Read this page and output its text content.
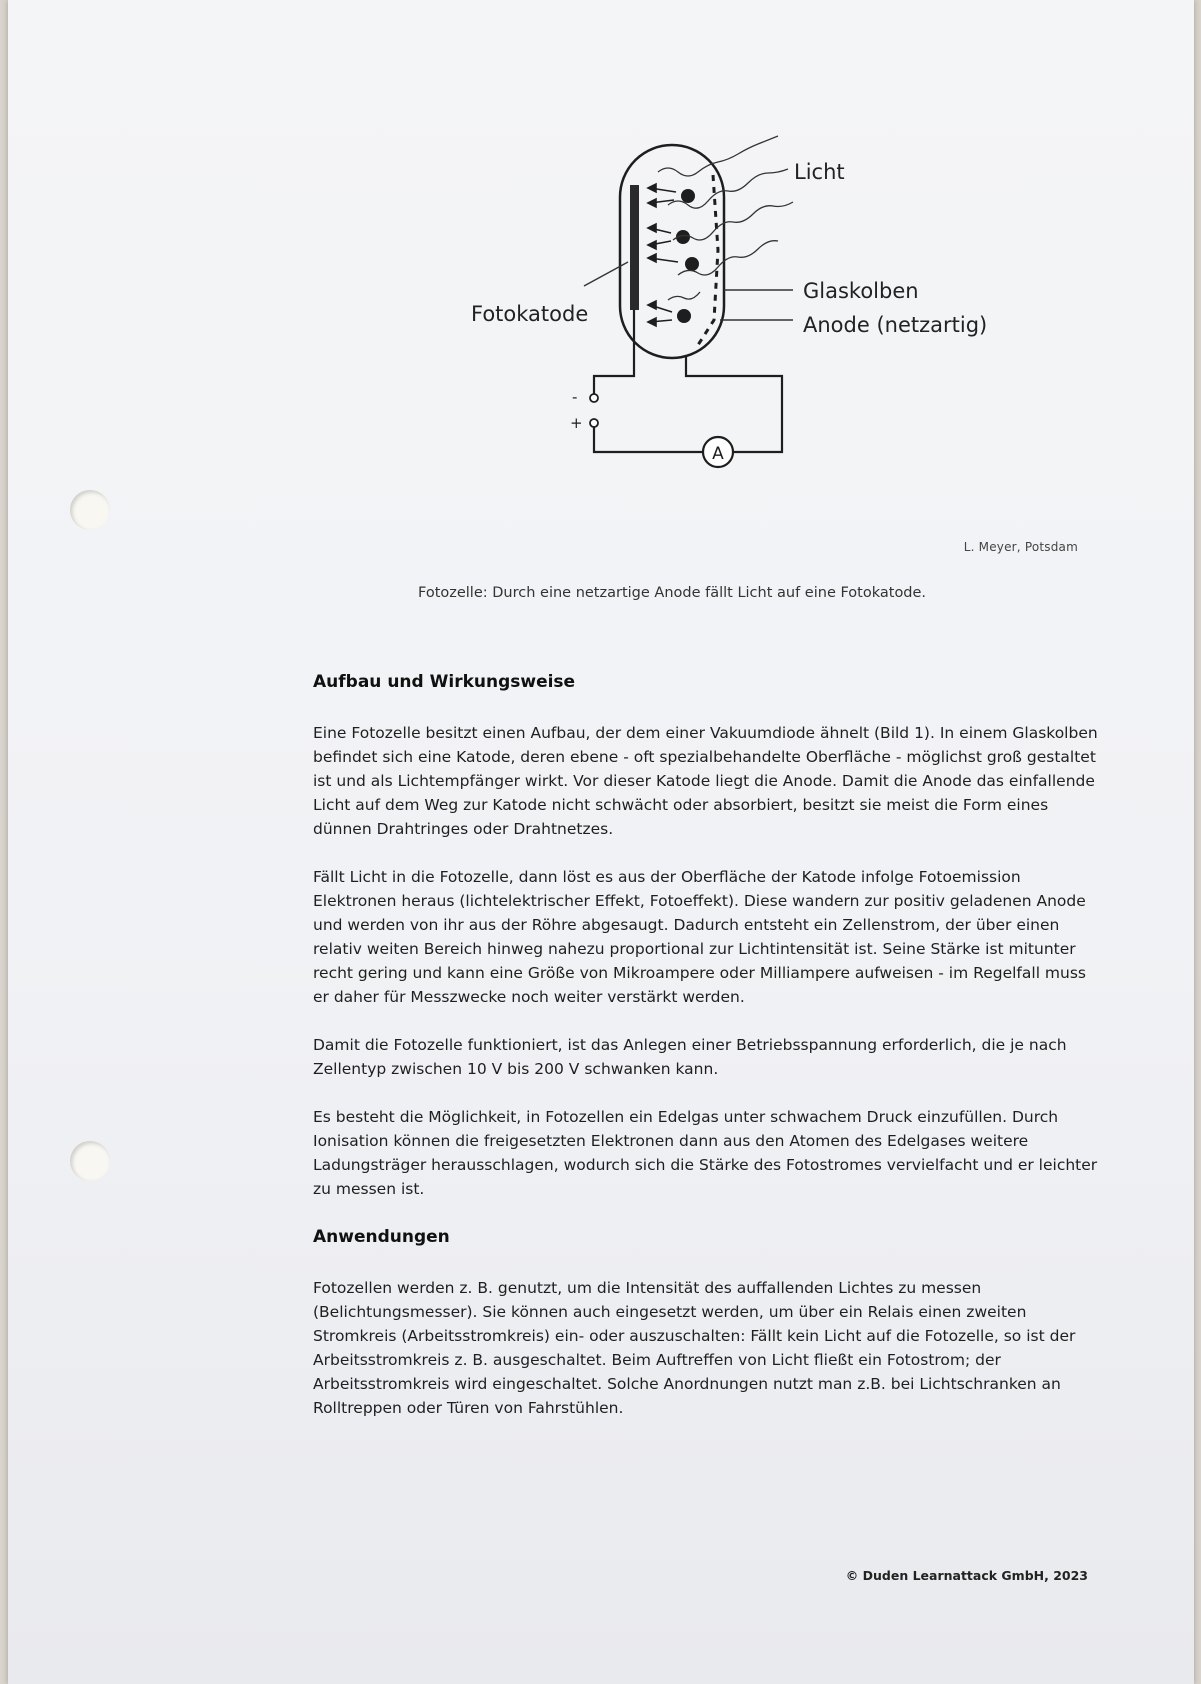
A
-
+
Licht
Glaskolben
Fotokatode	Anode (netzartig)
L. Meyer, Potsdam
Fotozelle: Durch eine netzartige Anode fällt Licht auf eine Fotokatode.
Aufbau und Wirkungsweise

Eine Fotozelle besitzt einen Aufbau, der dem einer Vakuumdiode ähnelt (Bild 1). In einem Glaskolben befindet sich eine Katode, deren ebene - oft spezialbehandelte Oberfläche - möglichst groß gestaltet ist und als Lichtempfänger wirkt. Vor dieser Katode liegt die Anode. Damit die Anode das einfallende Licht auf dem Weg zur Katode nicht schwächt oder absorbiert, besitzt sie meist die Form eines dünnen Drahtringes oder Drahtnetzes.

Fällt Licht in die Fotozelle, dann löst es aus der Oberfläche der Katode infolge Fotoemission Elektronen heraus (lichtelektrischer Effekt, Fotoeffekt). Diese wandern zur positiv geladenen Anode und werden von ihr aus der Röhre abgesaugt. Dadurch entsteht ein Zellenstrom, der über einen relativ weiten Bereich hinweg nahezu proportional zur Lichtintensität ist. Seine Stärke ist mitunter recht gering und kann eine Größe von Mikroampere oder Milliampere aufweisen - im Regelfall muss er daher für Messzwecke noch weiter verstärkt werden.

Damit die Fotozelle funktioniert, ist das Anlegen einer Betriebsspannung erforderlich, die je nach Zellentyp zwischen 10 V bis 200 V schwanken kann.

Es besteht die Möglichkeit, in Fotozellen ein Edelgas unter schwachem Druck einzufüllen. Durch Ionisation können die freigesetzten Elektronen dann aus den Atomen des Edelgases weitere Ladungsträger herausschlagen, wodurch sich die Stärke des Fotostromes vervielfacht und er leichter zu messen ist.

Anwendungen

Fotozellen werden z. B. genutzt, um die Intensität des auffallenden Lichtes zu messen (Belichtungsmesser). Sie können auch eingesetzt werden, um über ein Relais einen zweiten Stromkreis (Arbeitsstromkreis) ein- oder auszuschalten: Fällt kein Licht auf die Fotozelle, so ist der Arbeitsstromkreis z. B. ausgeschaltet. Beim Auftreffen von Licht fließt ein Fotostrom; der Arbeitsstromkreis wird eingeschaltet. Solche Anordnungen nutzt man z.B. bei Lichtschranken an Rolltreppen oder Türen von Fahrstühlen.

© Duden Learnattack GmbH, 2023
